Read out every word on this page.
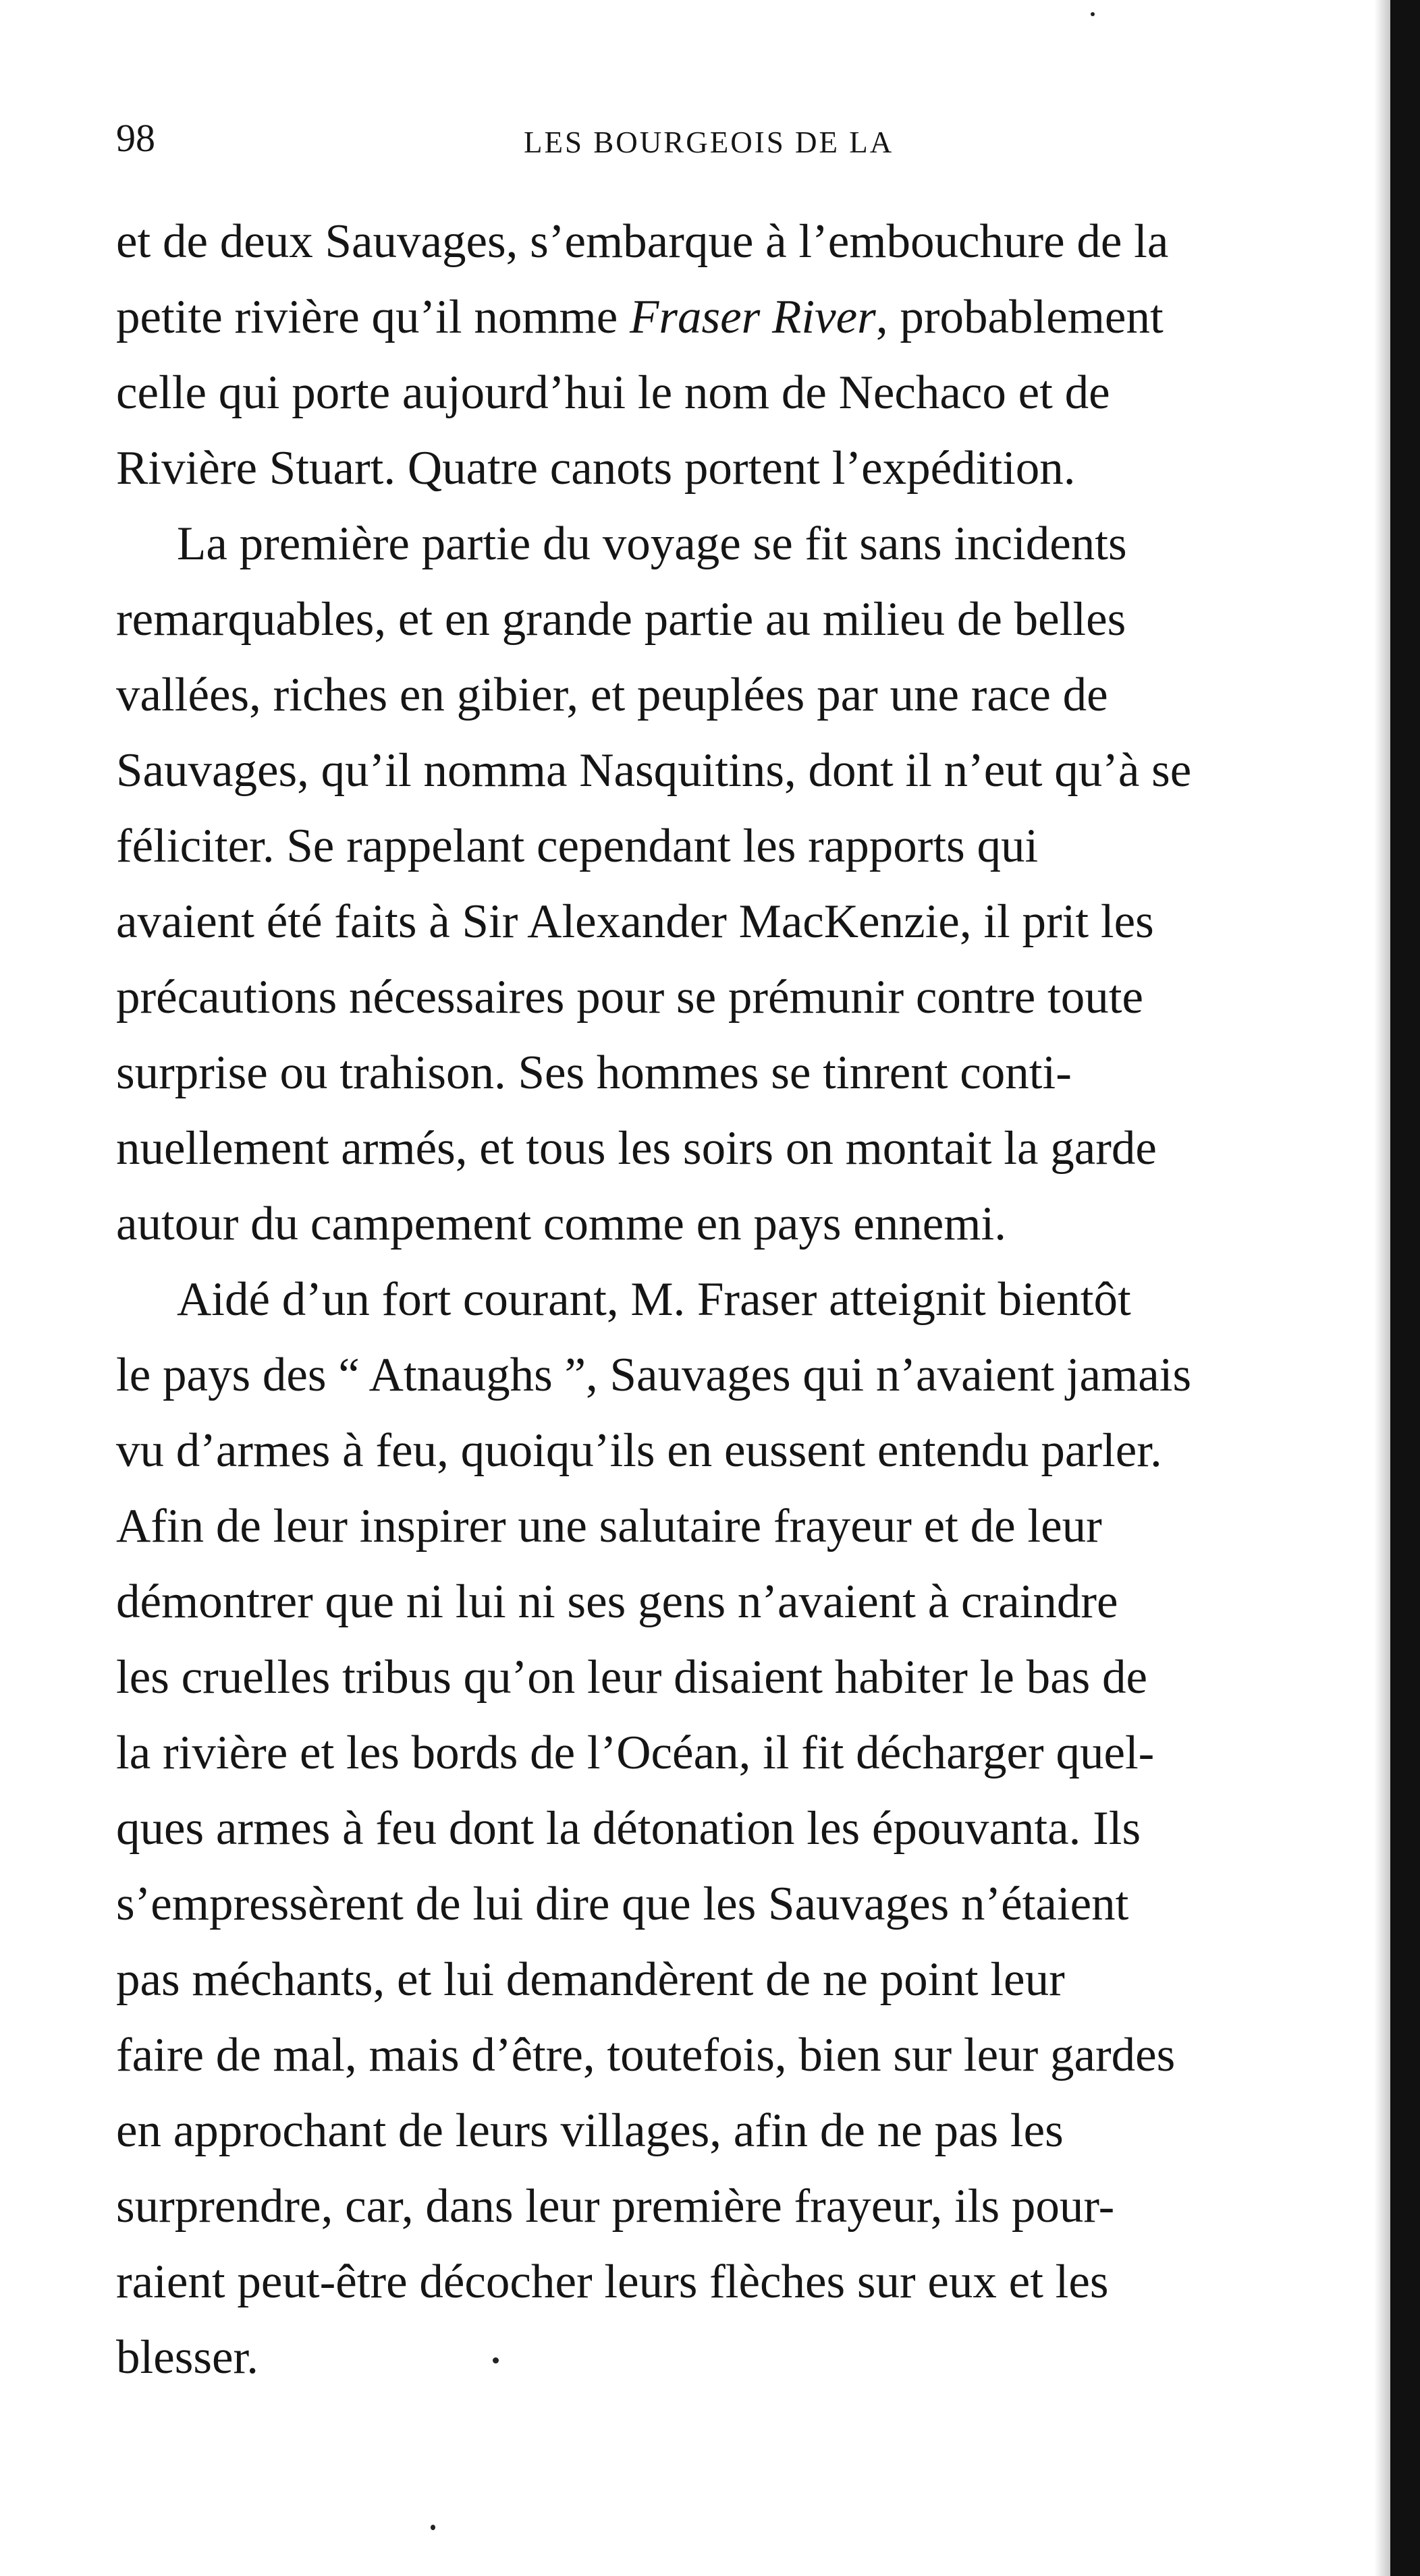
98	LES BOURGEOIS DE LA
et de deux Sauvages, s’embarque à l’embouchure de la
petite rivière qu’il nomme Fraser River, probablement
celle qui porte aujourd’hui le nom de Nechaco et de
Rivière Stuart. Quatre canots portent l’expédition.
La première partie du voyage se fit sans incidents
remarquables, et en grande partie au milieu de belles
vallées, riches en gibier, et peuplées par une race de
Sauvages, qu’il nomma Nasquitins, dont il n’eut qu’à se
féliciter. Se rappelant cependant les rapports qui
avaient été faits à Sir Alexander MacKenzie, il prit les
précautions nécessaires pour se prémunir contre toute
surprise ou trahison. Ses hommes se tinrent conti-
nuellement armés, et tous les soirs on montait la garde
autour du campement comme en pays ennemi.
Aidé d’un fort courant, M. Fraser atteignit bientôt
le pays des “ Atnaughs ”, Sauvages qui n’avaient jamais
vu d’armes à feu, quoiqu’ils en eussent entendu parler.
Afin de leur inspirer une salutaire frayeur et de leur
démontrer que ni lui ni ses gens n’avaient à craindre
les cruelles tribus qu’on leur disaient habiter le bas de
la rivière et les bords de l’Océan, il fit décharger quel-
ques armes à feu dont la détonation les épouvanta. Ils
s’empressèrent de lui dire que les Sauvages n’étaient
pas méchants, et lui demandèrent de ne point leur
faire de mal, mais d’être, toutefois, bien sur leur gardes
en approchant de leurs villages, afin de ne pas les
surprendre, car, dans leur première frayeur, ils pour-
raient peut-être décocher leurs flèches sur eux et les
blesser.
